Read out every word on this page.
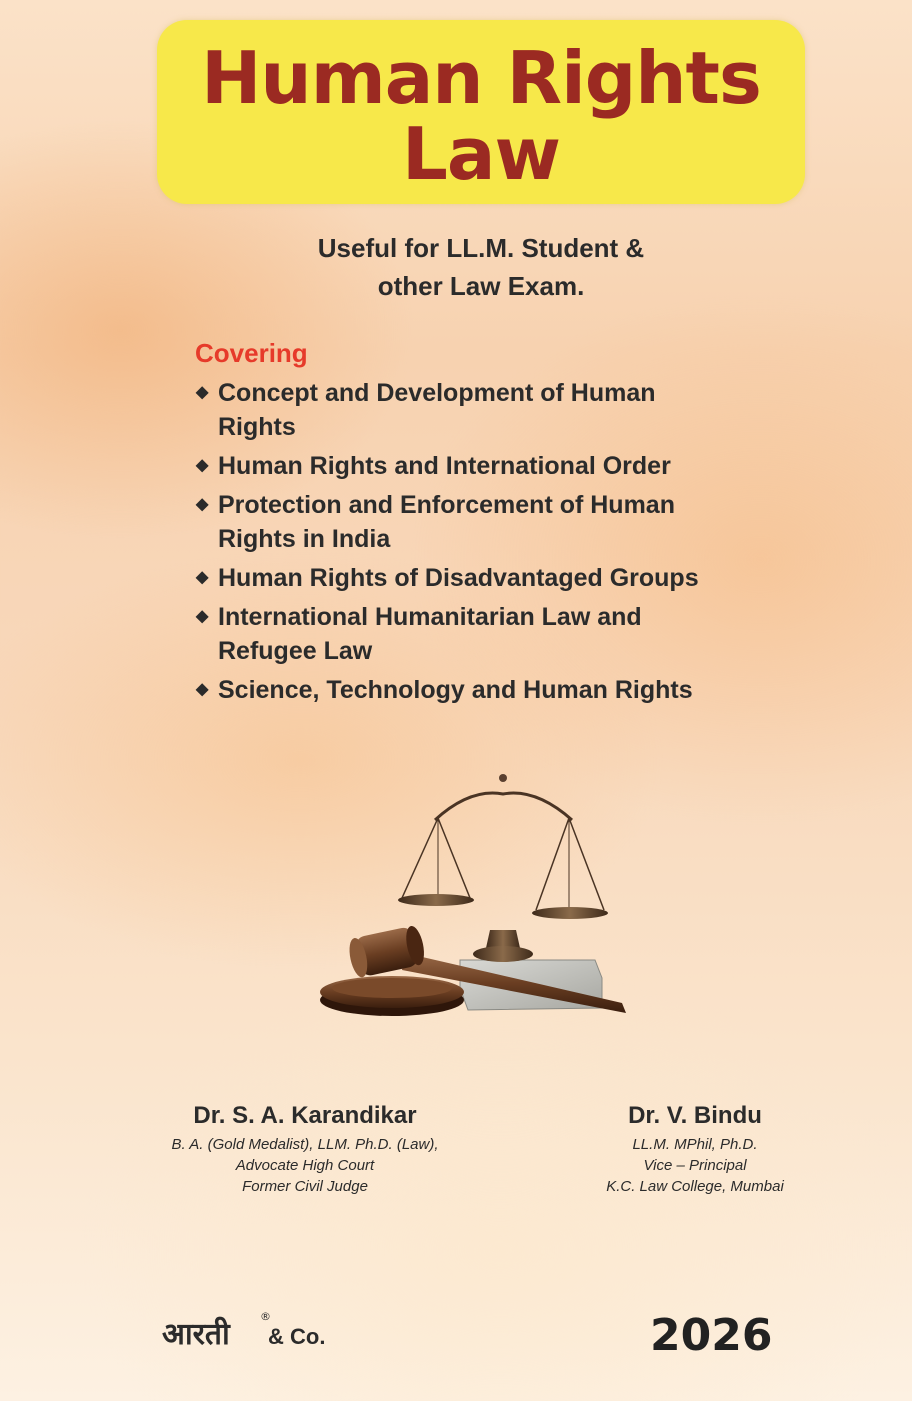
Human Rights
Law
Useful for LL.M. Student &
other Law Exam.
Covering
◆ Concept and Development of Human
Rights
◆ Human Rights and International Order
◆ Protection and Enforcement of Human
Rights in India
◆ Human Rights of Disadvantaged Groups
◆ International Humanitarian Law and
Refugee Law
◆ Science, Technology and Human Rights
Dr. S. A. Karandikar
B. A. (Gold Medalist), LLM. Ph.D. (Law),
Advocate High Court
Former Civil Judge
Dr. V. Bindu
LL.M. MPhil, Ph.D.
Vice – Principal
K.C. Law College, Mumbai
आरती
®
& Co.	2026
